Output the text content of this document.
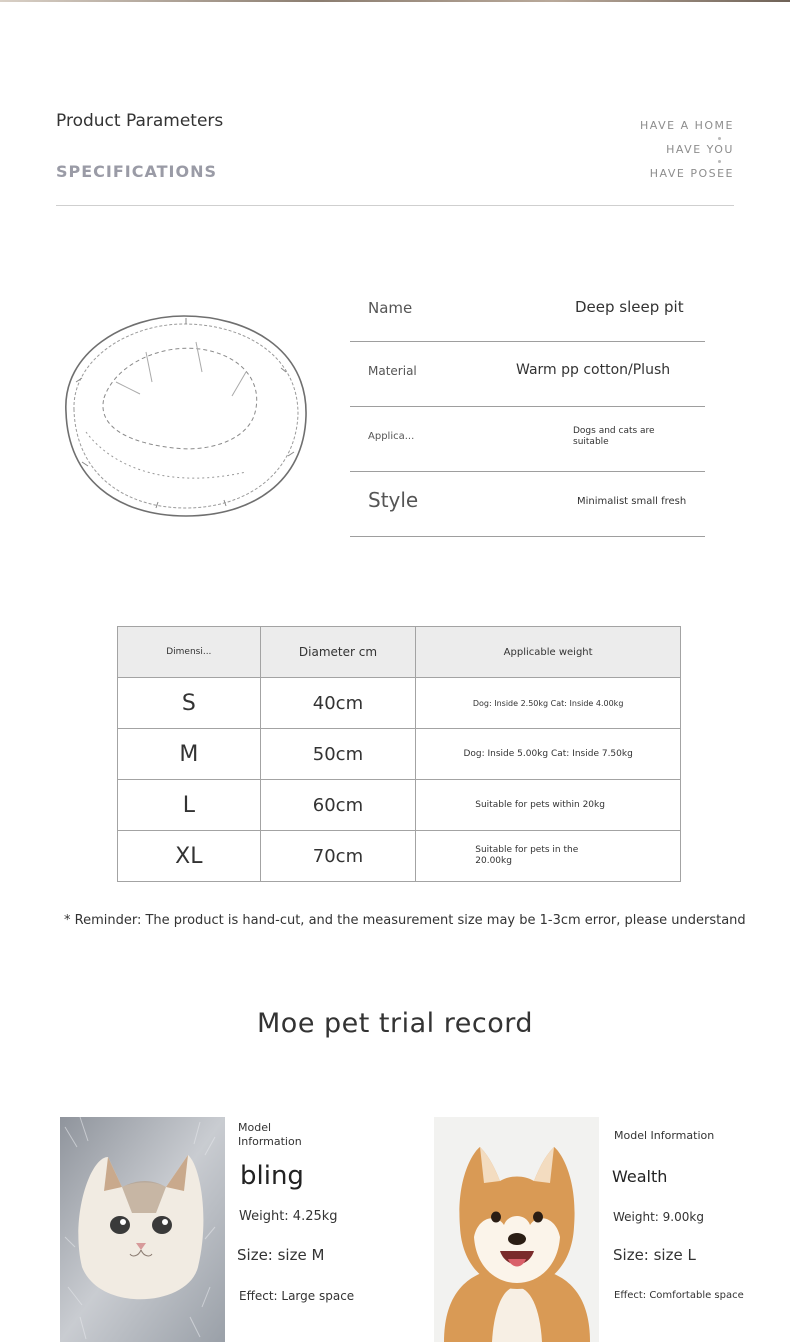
Product Parameters
SPECIFICATIONS
HAVE A HOME
HAVE YOU
HAVE POSEE
Name	Deep sleep pit
Material	Warm pp cotton/Plush
Applica...	Dogs and cats are suitable
Style	Minimalist small fresh
Dimensi...	Diameter cm	Applicable weight
S	40cm	Dog: Inside 2.50kg Cat: Inside 4.00kg
M	50cm	Dog: Inside 5.00kg Cat: Inside 7.50kg
L	60cm	Suitable for pets within 20kg
XL	70cm	Suitable for pets in the 20.00kg
* Reminder: The product is hand-cut, and the measurement size may be 1-3cm error, please understand
Moe pet trial record
Model Information
bling
Weight: 4.25kg
Size: size M
Effect: Large space
Model Information
Wealth
Weight: 9.00kg
Size: size L
Effect: Comfortable space
